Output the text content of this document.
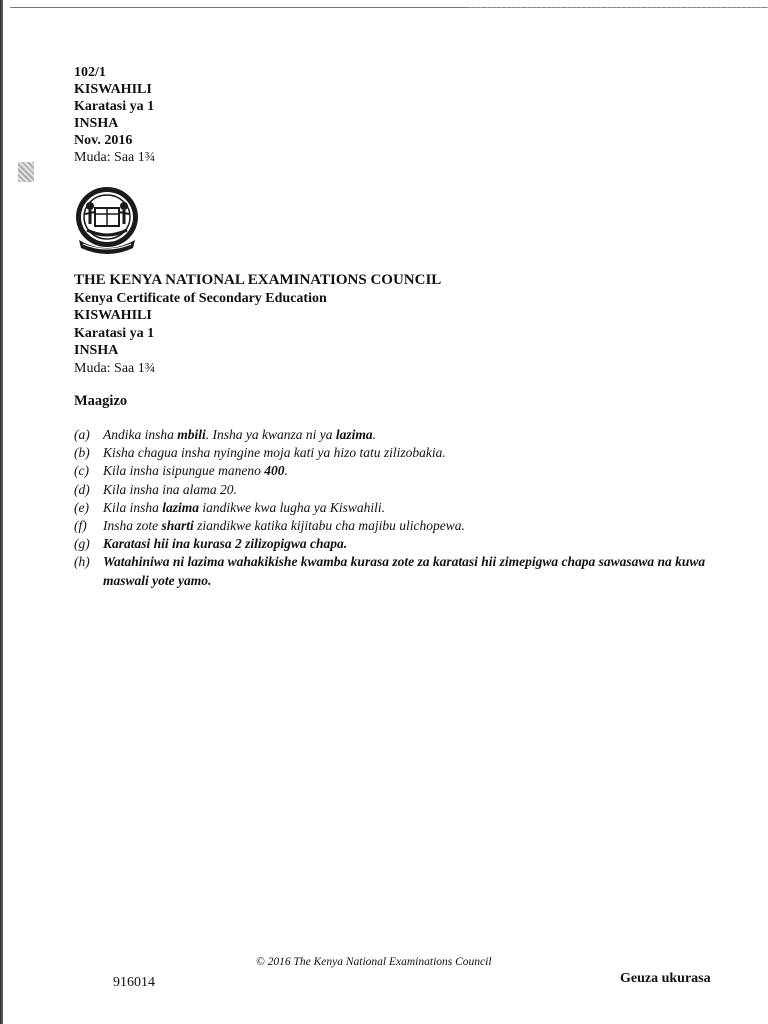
102/1
KISWAHILI
Karatasi ya 1
INSHA
Nov. 2016
Muda: Saa 1¾
THE KENYA NATIONAL EXAMINATIONS COUNCIL
Kenya Certificate of Secondary Education
KISWAHILI
Karatasi ya 1
INSHA
Muda: Saa 1¾
Maagizo
(a) Andika insha mbili. Insha ya kwanza ni ya lazima.
(b) Kisha chagua insha nyingine moja kati ya hizo tatu zilizobakia.
(c)	Kila insha isipungue maneno 400.
(d) Kila insha ina alama 20.
(e)	Kila insha lazima iandikwe kwa lugha ya Kiswahili.
(f)	Insha zote sharti ziandikwe katika kijitabu cha majibu ulichopewa.
(g) Karatasi hii ina kurasa 2 zilizopigwa chapa.
(h) Watahiniwa ni lazima wahakikishe kwamba kurasa zote za karatasi hii zimepigwa chapa sawasawa na kuwa maswali yote yamo.
© 2016 The Kenya National Examinations Council
916014	Geuza ukurasa
